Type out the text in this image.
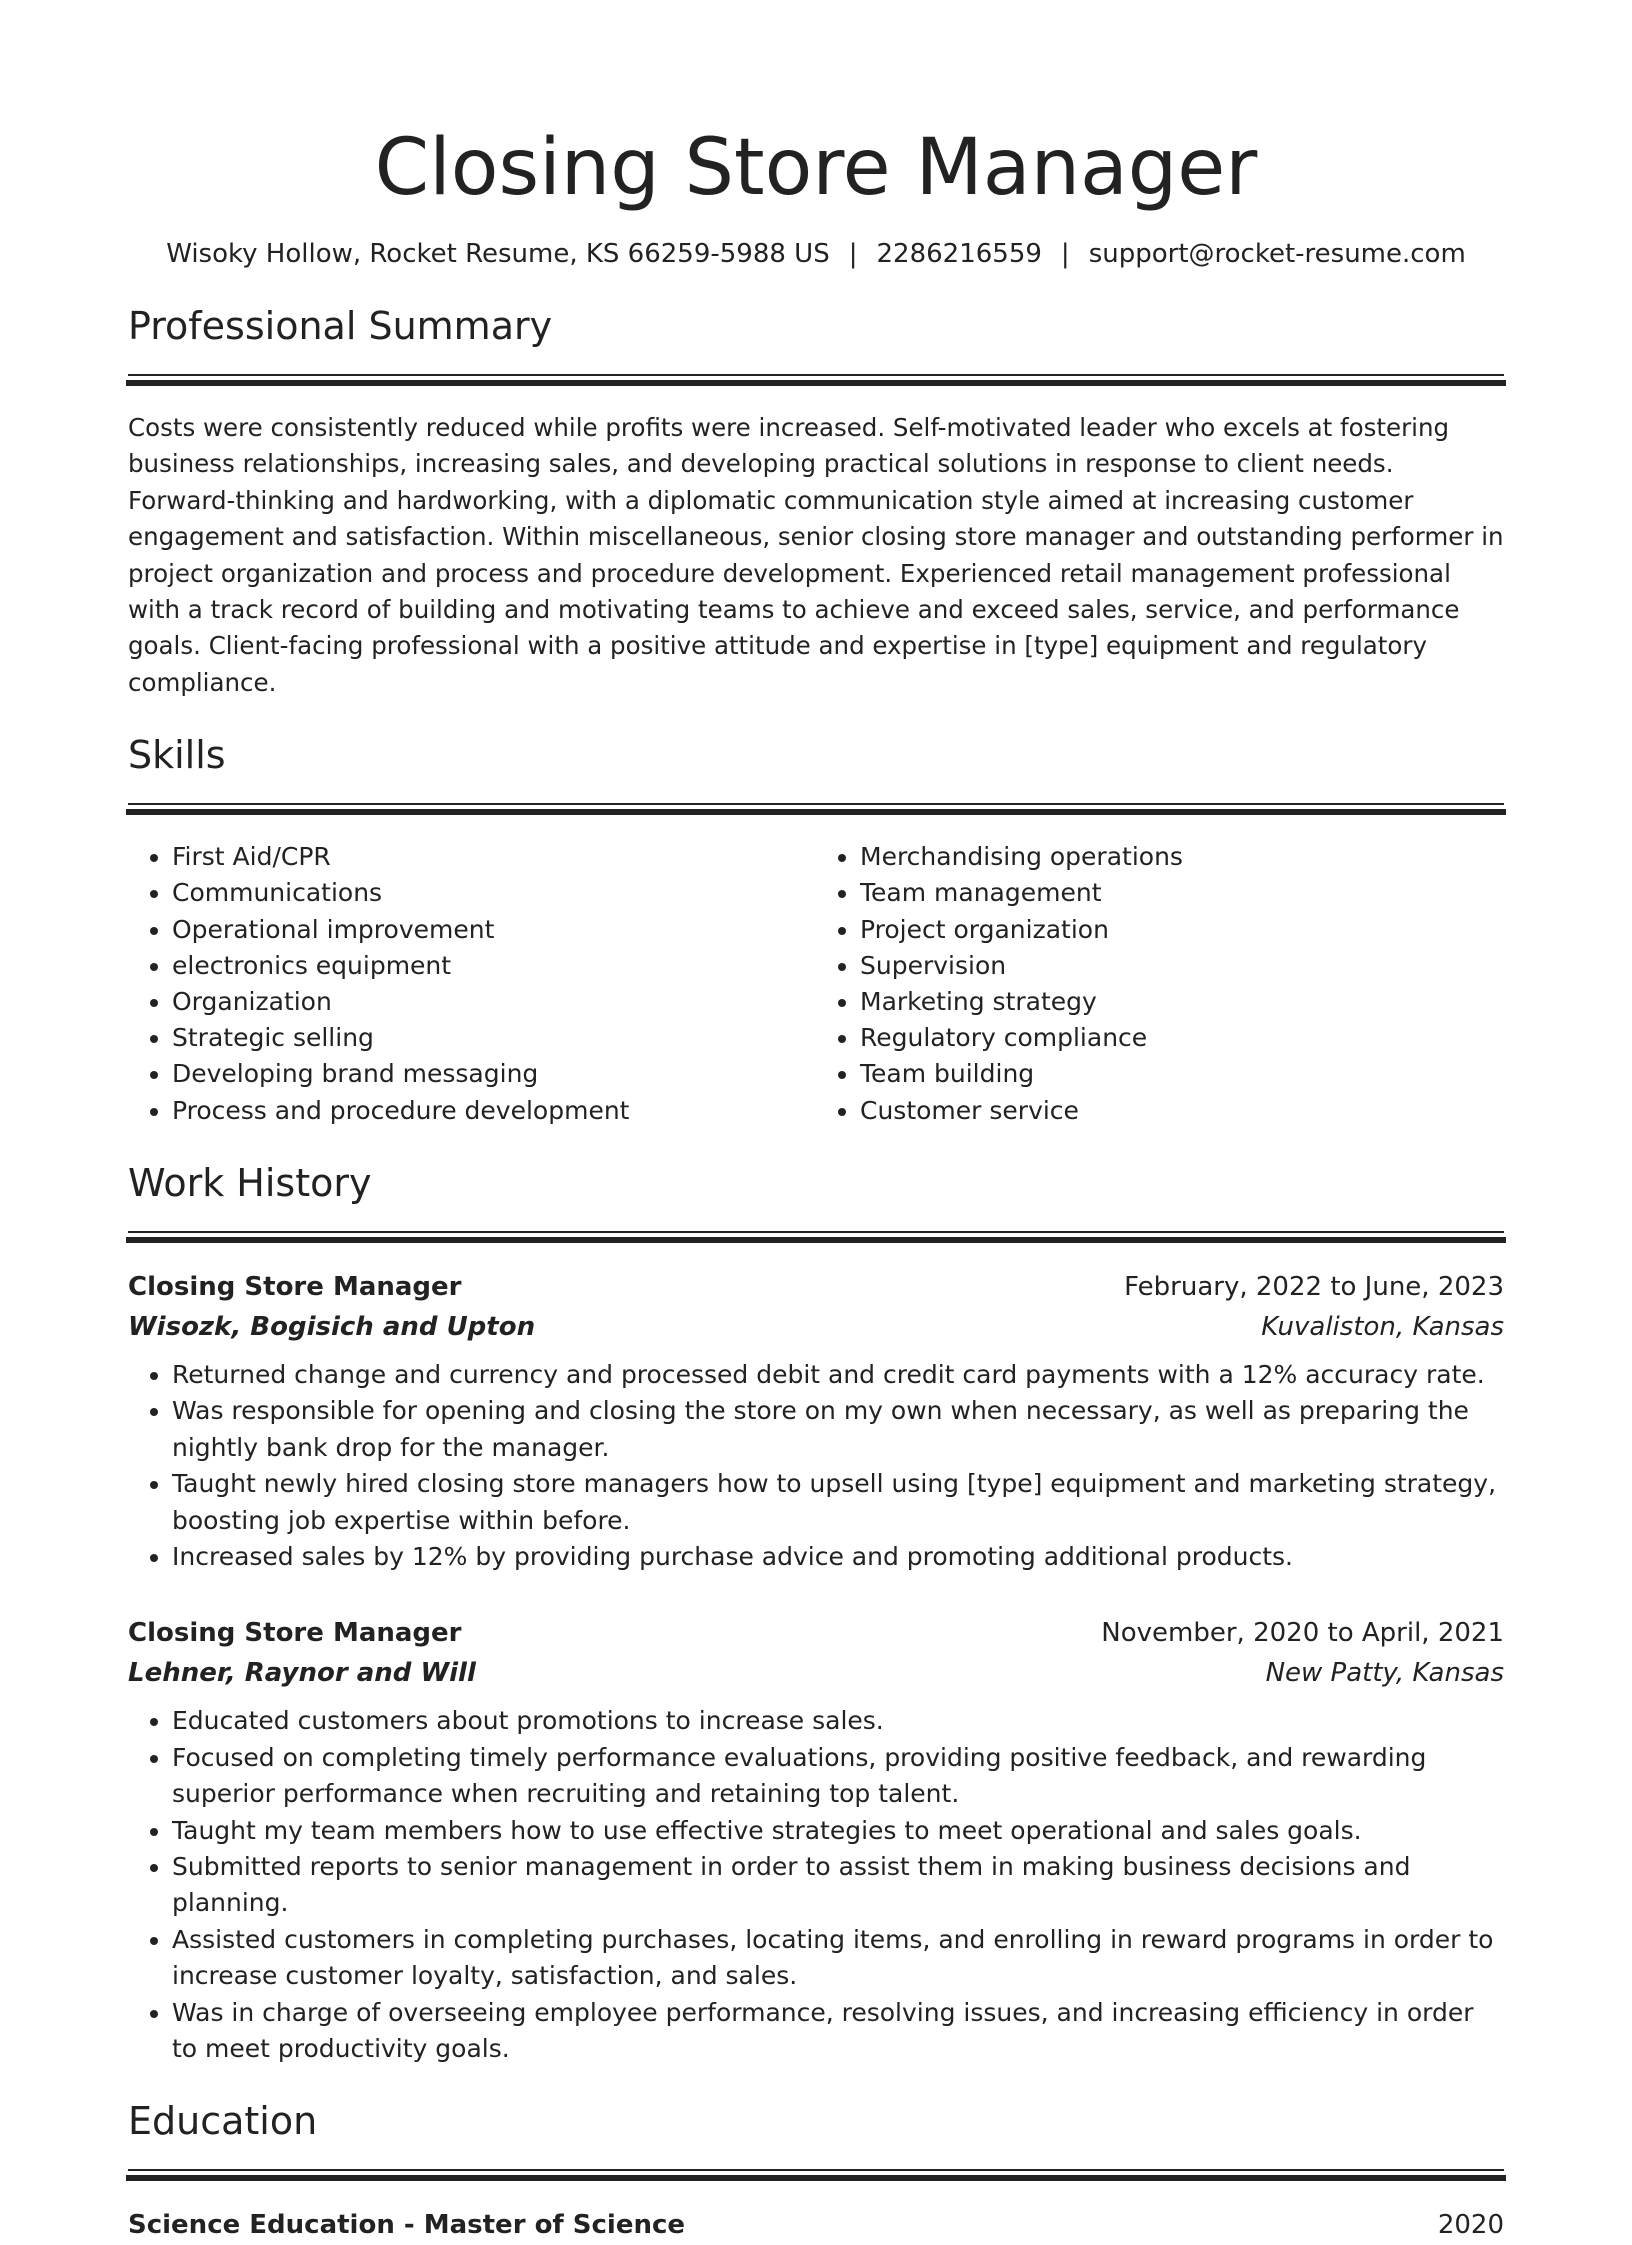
Closing Store Manager
Wisoky Hollow, Rocket Resume, KS 66259-5988 US | 2286216559 | support@rocket-resume.com
Professional Summary

Costs were consistently reduced while profits were increased. Self-motivated leader who excels at fostering business relationships, increasing sales, and developing practical solutions in response to client needs. Forward-thinking and hardworking, with a diplomatic communication style aimed at increasing customer engagement and satisfaction. Within miscellaneous, senior closing store manager and outstanding performer in project organization and process and procedure development. Experienced retail management professional with a track record of building and motivating teams to achieve and exceed sales, service, and performance goals. Client-facing professional with a positive attitude and expertise in [type] equipment and regulatory compliance.

Skills
• First Aid/CPR
• Communications
• Operational improvement
• electronics equipment
• Organization
• Strategic selling
• Developing brand messaging
• Process and procedure development
• Merchandising operations
• Team management
• Project organization
• Supervision
• Marketing strategy
• Regulatory compliance
• Team building
• Customer service
Work History
Closing Store Manager	February, 2022 to June, 2023
Wisozk, Bogisich and Upton	Kuvaliston, Kansas
• Returned change and currency and processed debit and credit card payments with a 12% accuracy rate.
• Was responsible for opening and closing the store on my own when necessary, as well as preparing the nightly bank drop for the manager.
• Taught newly hired closing store managers how to upsell using [type] equipment and marketing strategy, boosting job expertise within before.
• Increased sales by 12% by providing purchase advice and promoting additional products.
Closing Store Manager	November, 2020 to April, 2021
Lehner, Raynor and Will	New Patty, Kansas
• Educated customers about promotions to increase sales.
• Focused on completing timely performance evaluations, providing positive feedback, and rewarding superior performance when recruiting and retaining top talent.
• Taught my team members how to use effective strategies to meet operational and sales goals.
• Submitted reports to senior management in order to assist them in making business decisions and planning.
• Assisted customers in completing purchases, locating items, and enrolling in reward programs in order to increase customer loyalty, satisfaction, and sales.
• Was in charge of overseeing employee performance, resolving issues, and increasing efficiency in order to meet productivity goals.
Education
Science Education - Master of Science	2020
